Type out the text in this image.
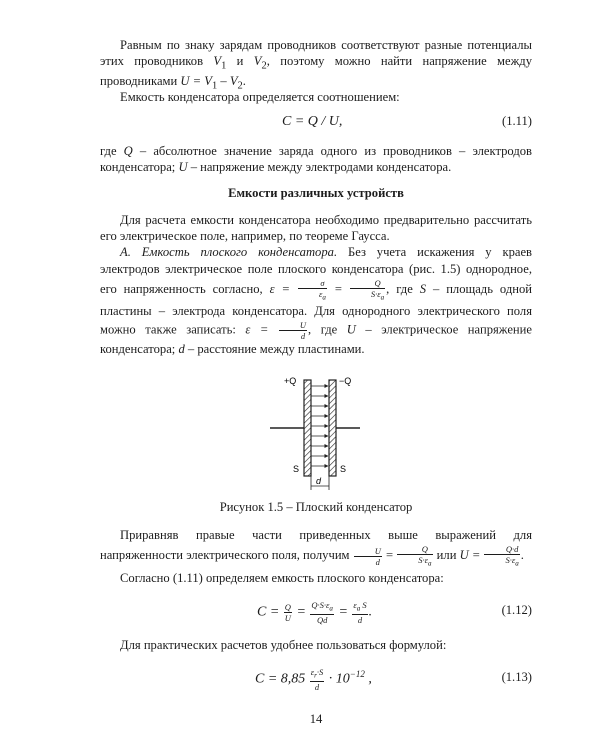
Равным по знаку зарядам проводников соответствуют разные потенциалы этих проводников $V_1$ и $V_2$, поэтому можно найти напряжение между проводниками $U = V_1 - V_2$.

Емкость конденсатора определяется соотношением:

C = Q / U,	(1.11)

где Q – абсолютное значение заряда одного из проводников – электродов конденсатора; U – напряжение между электродами конденсатора.

Емкости различных устройств

Для расчета емкости конденсатора необходимо предварительно рассчитать его электрическое поле, например, по теореме Гаусса.

А. Емкость плоского конденсатора. Без учета искажения у краев электродов электрическое поле плоского конденсатора (рис. 1.5) однородное, его напряженность согласно, $\varepsilon = \frac{\sigma}{\varepsilon_a} = \frac{Q}{S\cdot\varepsilon_a}$ , где S – площадь одной пластины – электрода конденсатора. Для однородного электрического поля можно также записать: $\varepsilon = \frac{U}{d}$ , где U – электрическое напряжение конденсатора; d – расстояние между пластинами.

+Q	−Q
S	S
d
Рисунок 1.5 – Плоский конденсатор

Приравняв правые части приведенных выше выражений для напряженности электрического поля, получим $\frac{U}{d} = \frac{Q}{S\cdot\varepsilon_a}$ или $U = \frac{Q\cdot d}{S\cdot\varepsilon_a}$ .

Согласно (1.11) определяем емкость плоского конденсатора:

$C = \frac{Q}{U} = \frac{Q\cdot S\cdot\varepsilon_a}{Qd} = \frac{\varepsilon_a S}{d}$ .	(1.12)

Для практических расчетов удобнее пользоваться формулой:

$C = 8,85 \frac{\varepsilon_r\cdot S}{d} \cdot 10^{-12}$ ,	(1.13)
14
